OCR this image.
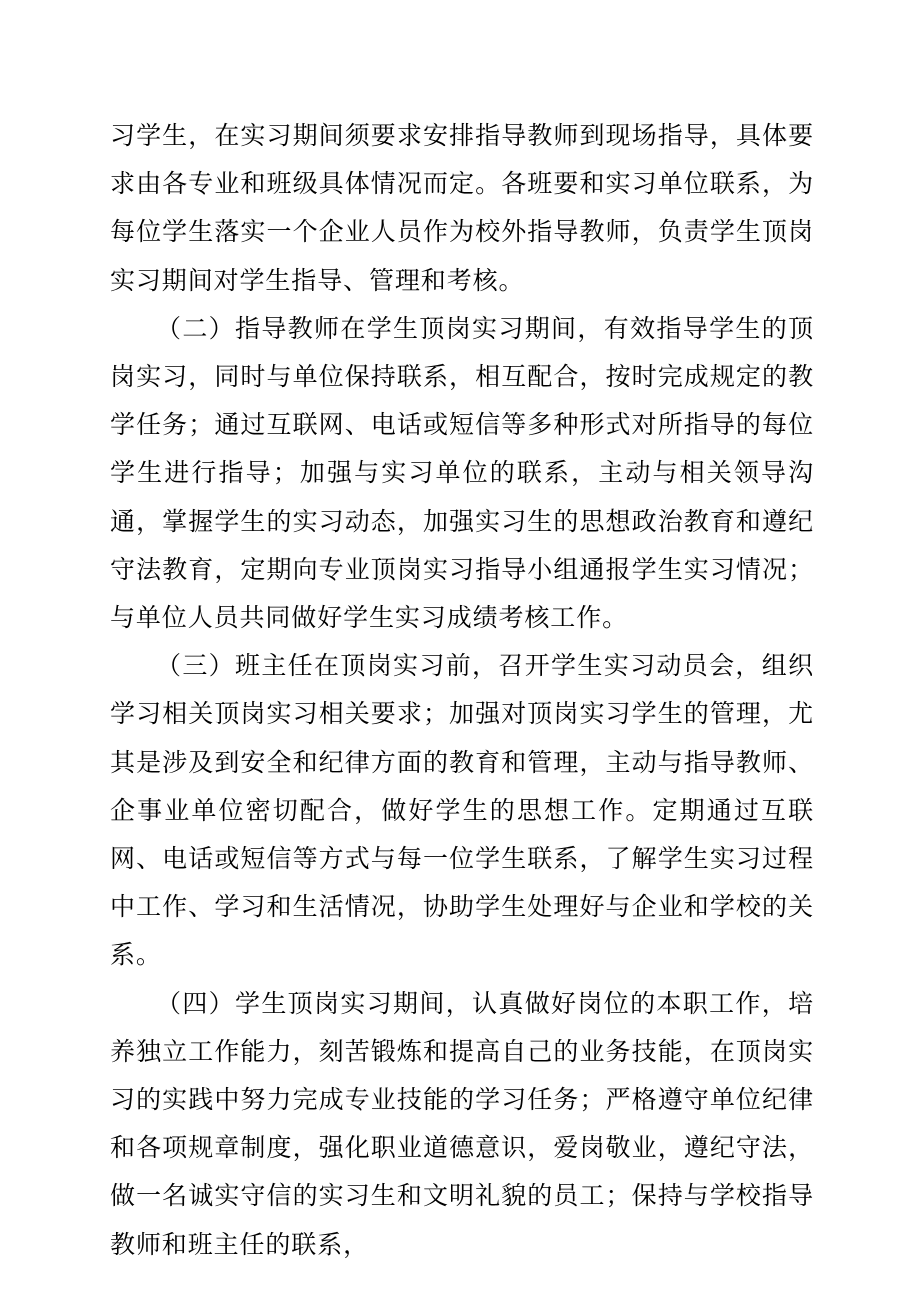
习学生，在实习期间须要求安排指导教师到现场指导，具体要求由各专业和班级具体情况而定。各班要和实习单位联系，为每位学生落实一个企业人员作为校外指导教师，负责学生顶岗实习期间对学生指导、管理和考核。

（二）指导教师在学生顶岗实习期间，有效指导学生的顶岗实习，同时与单位保持联系，相互配合，按时完成规定的教学任务；通过互联网、电话或短信等多种形式对所指导的每位学生进行指导；加强与实习单位的联系，主动与相关领导沟通，掌握学生的实习动态，加强实习生的思想政治教育和遵纪守法教育，定期向专业顶岗实习指导小组通报学生实习情况；与单位人员共同做好学生实习成绩考核工作。

（三）班主任在顶岗实习前，召开学生实习动员会，组织学习相关顶岗实习相关要求；加强对顶岗实习学生的管理，尤其是涉及到安全和纪律方面的教育和管理，主动与指导教师、企事业单位密切配合，做好学生的思想工作。定期通过互联网、电话或短信等方式与每一位学生联系，了解学生实习过程中工作、学习和生活情况，协助学生处理好与企业和学校的关系。

（四）学生顶岗实习期间，认真做好岗位的本职工作，培养独立工作能力，刻苦锻炼和提高自己的业务技能，在顶岗实习的实践中努力完成专业技能的学习任务；严格遵守单位纪律和各项规章制度，强化职业道德意识，爱岗敬业，遵纪守法，做一名诚实守信的实习生和文明礼貌的员工；保持与学校指导教师和班主任的联系，
